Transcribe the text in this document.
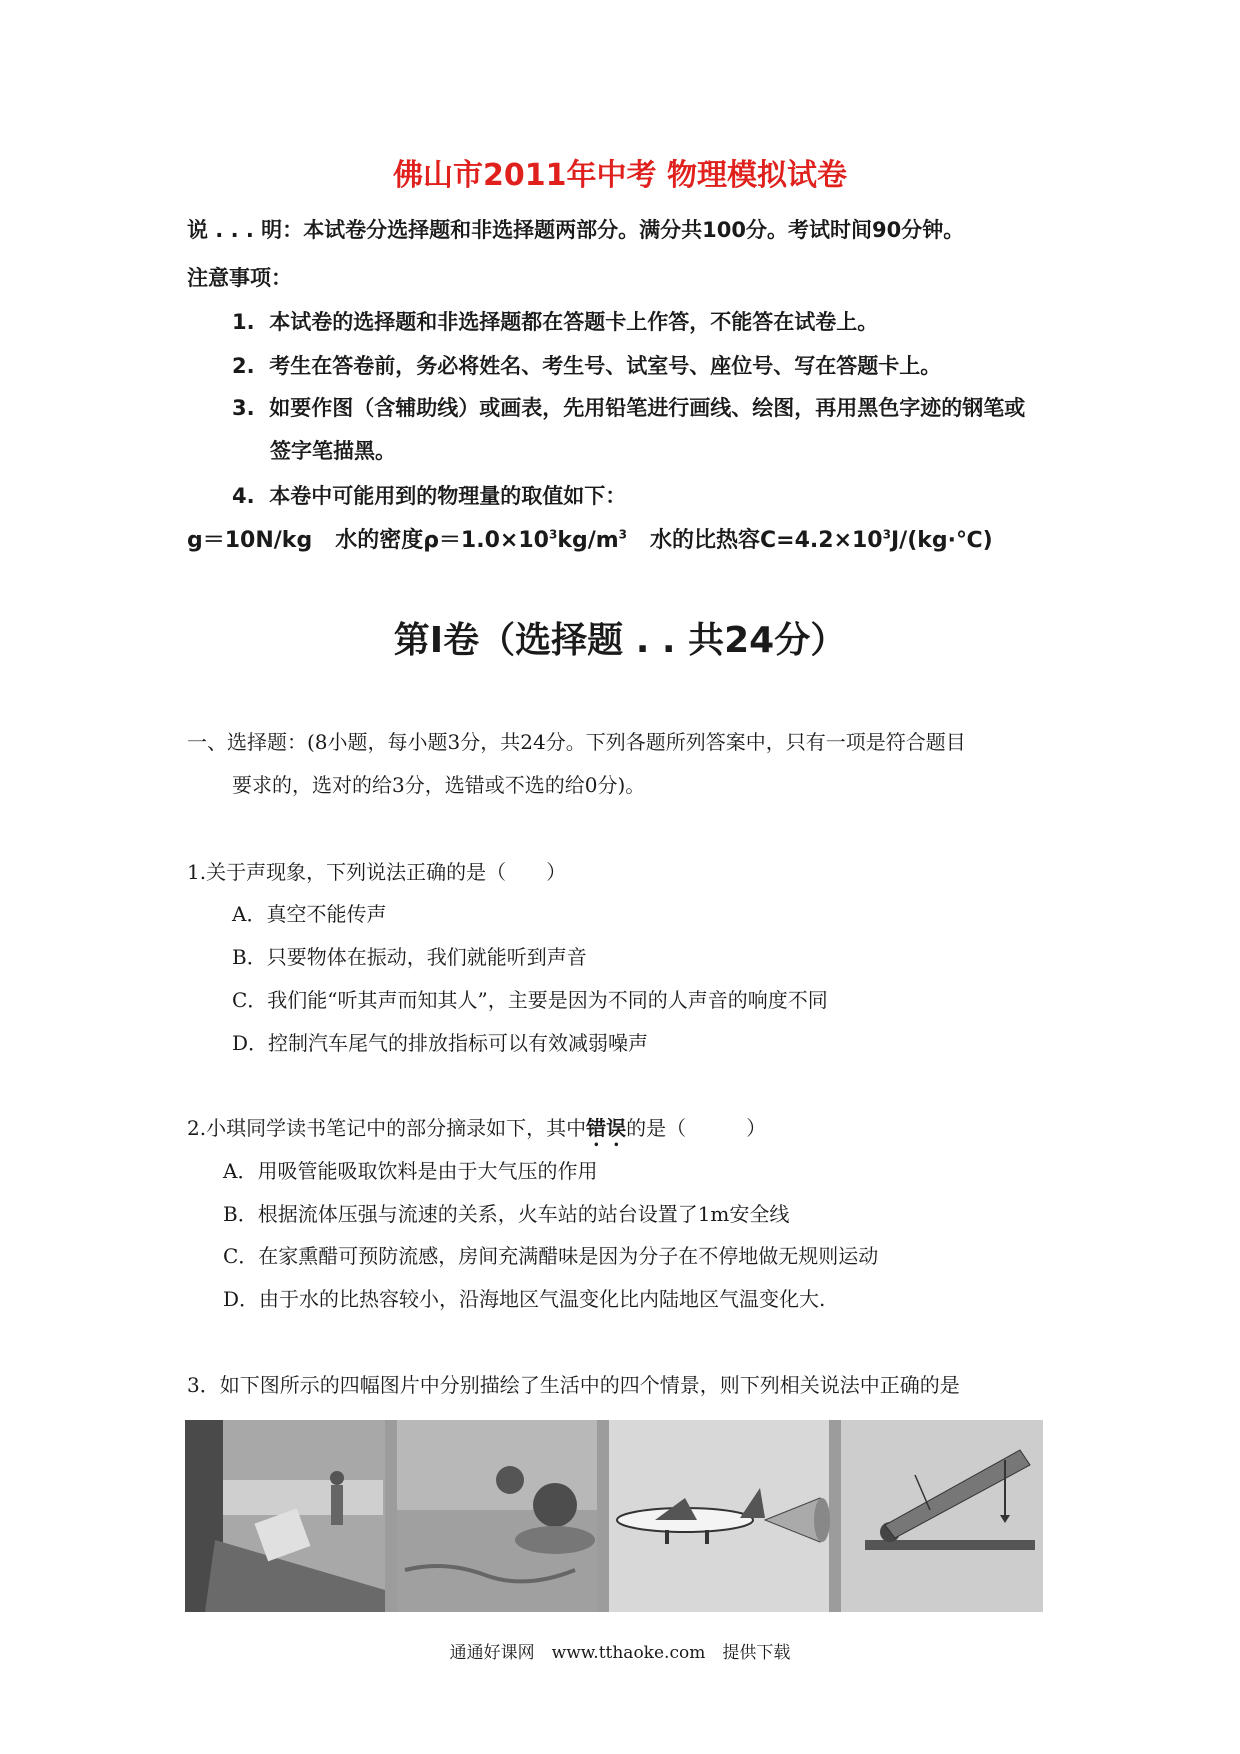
佛山市2011年中考 物理模拟试卷
说 . . . 明：本试卷分选择题和非选择题两部分。满分共100分。考试时间90分钟。
注意事项：
1. 本试卷的选择题和非选择题都在答题卡上作答，不能答在试卷上。
2. 考生在答卷前，务必将姓名、考生号、试室号、座位号、写在答题卡上。
3. 如要作图（含辅助线）或画表，先用铅笔进行画线、绘图，再用黑色字迹的钢笔或
签字笔描黑。
4. 本卷中可能用到的物理量的取值如下：
g＝10N/kg 水的密度$\rho=1.0\times 10^3kg/m^3$ 水的比热容$C=4.2\times 10^3J/(kg\cdot℃)$
第Ⅰ卷（选择题 . . 共24分）
一、选择题：(8小题，每小题3分，共24分。下列各题所列答案中，只有一项是符合题目
要求的，选对的给3分，选错或不选的给0分)。
1.关于声现象，下列说法正确的是（　　）
A．真空不能传声
B．只要物体在振动，我们就能听到声音
C．我们能“听其声而知其人”，主要是因为不同的人声音的响度不同
D．控制汽车尾气的排放指标可以有效减弱噪声
2.小琪同学读书笔记中的部分摘录如下，其中错误的是（　　　）
A．用吸管能吸取饮料是由于大气压的作用
B．根据流体压强与流速的关系，火车站的站台设置了1m安全线
C．在家熏醋可预防流感，房间充满醋味是因为分子在不停地做无规则运动
D．由于水的比热容较小，沿海地区气温变化比内陆地区气温变化大.
3．如下图所示的四幅图片中分别描绘了生活中的四个情景，则下列相关说法中正确的是
通通好课网　www.tthaoke.com　提供下载
